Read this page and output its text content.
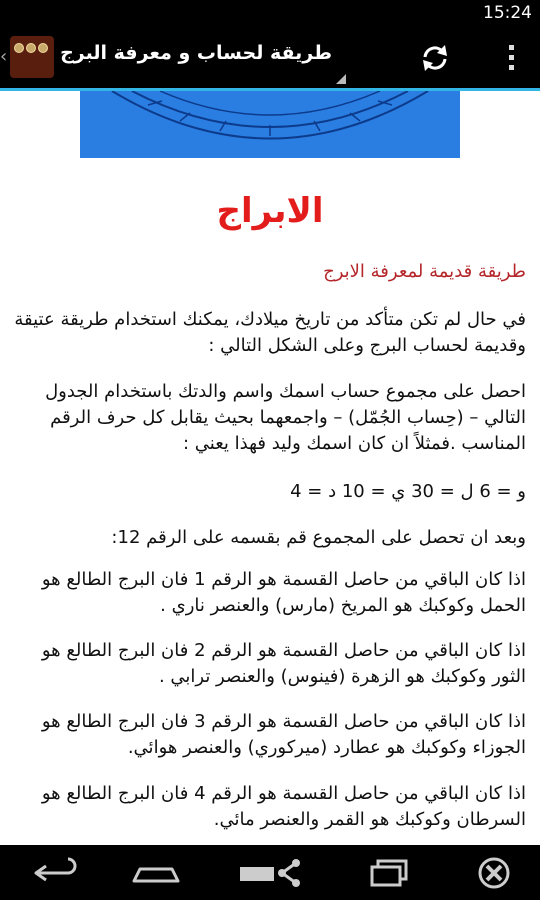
15:24
‹	طريقة لحساب و معرفة البرج
الابراج
طريقة قديمة لمعرفة الابرج

في حال لم تكن متأكد من تاريخ ميلادك، يمكنك استخدام طريقة عتيقة وقديمة لحساب البرج وعلى الشكل التالي :

احصل على مجموع حساب اسمك واسم والدتك باستخدام الجدول التالي – (حِساب الجُمّل) – واجمعهما بحيث يقابل كل حرف الرقم المناسب .فمثلاً ان كان اسمك وليد فهذا يعني :

و = 6 ل = 30 ي = 10 د = 4

وبعد ان تحصل على المجموع قم بقسمه على الرقم 12:

اذا كان الباقي من حاصل القسمة هو الرقم 1 فان البرج الطالع هو الحمل وكوكبك هو المريخ (مارس) والعنصر ناري .

اذا كان الباقي من حاصل القسمة هو الرقم 2 فان البرج الطالع هو الثور وكوكبك هو الزهرة (فينوس) والعنصر ترابي .

اذا كان الباقي من حاصل القسمة هو الرقم 3 فان البرج الطالع هو الجوزاء وكوكبك هو عطارد (ميركوري) والعنصر هوائي.

اذا كان الباقي من حاصل القسمة هو الرقم 4 فان البرج الطالع هو السرطان وكوكبك هو القمر والعنصر مائي.
